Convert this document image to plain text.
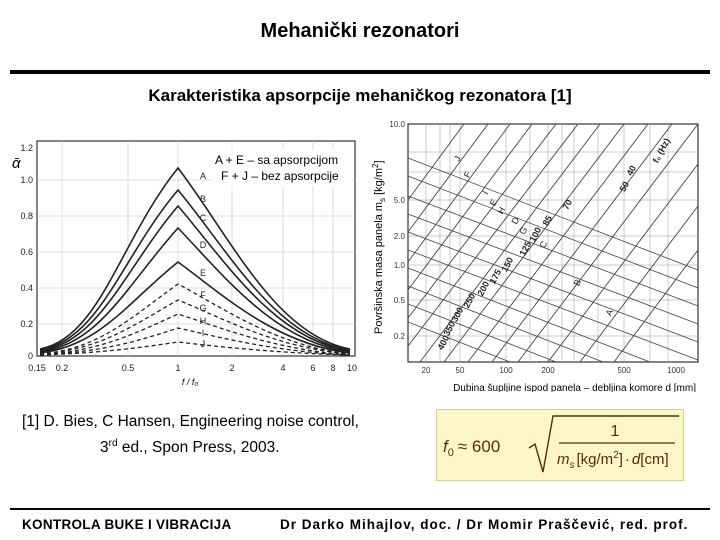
Mehanički rezonatori
Karakteristika apsorpcije mehaničkog rezonatora [1]
ᾱ
1.2
1.0
0.8
0.6
0.4
0.2
0
0.15 0.2	0.5	1	2	4	6 8 10
f / f₀
A
B
C
D
E
F
G
H
I
J
A + E – sa apsorpcijom
F + J – bez apsorpcije
Površinska masa panela $m_s$ $[kg/m^2]$
10.0
5.0
2.0
1.0
0.5
0.2
20	50	100	200	500	1000
Dubina šupljine ispod panela – debljina komore d [mm]
f₀ (Hz)
40
50
70
85
100
125
150
175
200
250
300
350
400
J
F
I
E
H
D
G
C
B
A
[1] D. Bies, C Hansen, Engineering noise control,
3rd ed., Spon Press, 2003.	$f_0 \approx 600$
1
$m_s$ $[kg/m^2] \cdot d[cm]$
KONTROLA BUKE I VIBRACIJA	Dr Darko Mihajlov, doc. / Dr Momir Praščević, red. prof.
